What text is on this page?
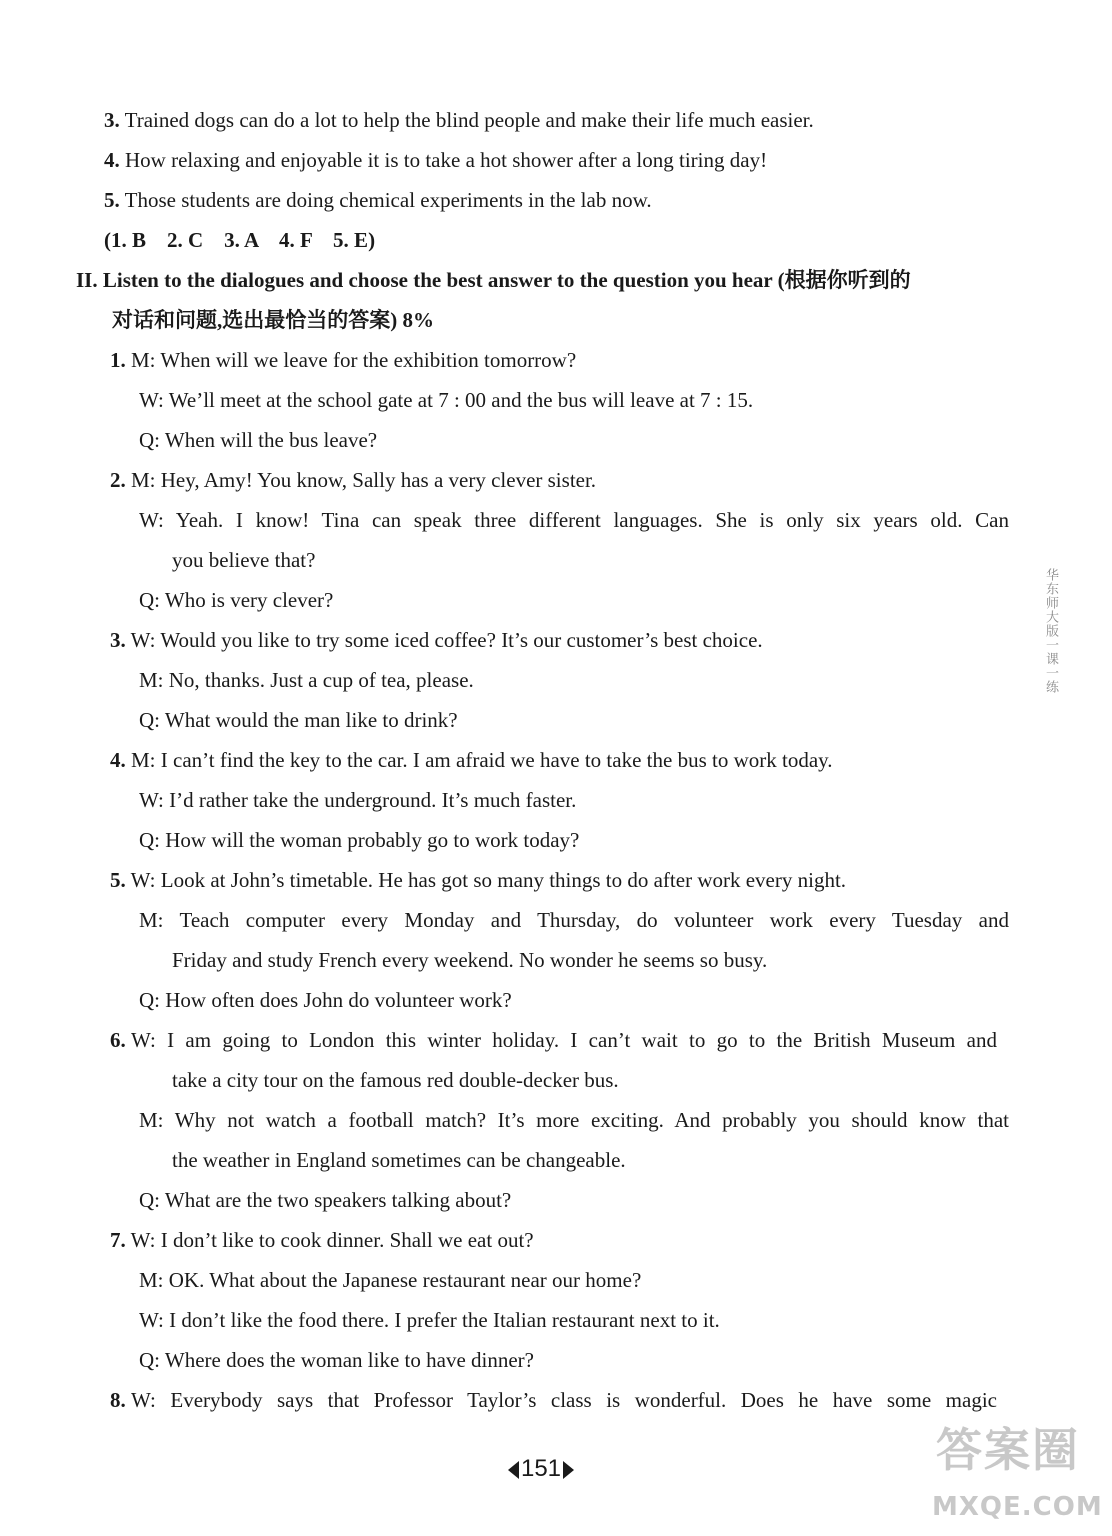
3. Trained dogs can do a lot to help the blind people and make their life much easier.
4. How relaxing and enjoyable it is to take a hot shower after a long tiring day!
5. Those students are doing chemical experiments in the lab now.
(1. B    2. C    3. A    4. F    5. E)
II. Listen to the dialogues and choose the best answer to the question you hear (根据你听到的
对话和问题,选出最恰当的答案) 8%
1. M: When will we leave for the exhibition tomorrow?
W: We’ll meet at the school gate at 7 : 00 and the bus will leave at 7 : 15.
Q: When will the bus leave?
2. M: Hey, Amy! You know, Sally has a very clever sister.
W: Yeah. I know! Tina can speak three different languages. She is only six years old. Can
you believe that?
Q: Who is very clever?
3. W: Would you like to try some iced coffee? It’s our customer’s best choice.
M: No, thanks. Just a cup of tea, please.
Q: What would the man like to drink?
4. M: I can’t find the key to the car. I am afraid we have to take the bus to work today.
W: I’d rather take the underground. It’s much faster.
Q: How will the woman probably go to work today?
5. W: Look at John’s timetable. He has got so many things to do after work every night.
M: Teach computer every Monday and Thursday, do volunteer work every Tuesday and
Friday and study French every weekend. No wonder he seems so busy.
Q: How often does John do volunteer work?
6. W: I am going to London this winter holiday. I can’t wait to go to the British Museum and
take a city tour on the famous red double-decker bus.
M: Why not watch a football match? It’s more exciting. And probably you should know that
the weather in England sometimes can be changeable.
Q: What are the two speakers talking about?
7. W: I don’t like to cook dinner. Shall we eat out?
M: OK. What about the Japanese restaurant near our home?
W: I don’t like the food there. I prefer the Italian restaurant next to it.
Q: Where does the woman like to have dinner?
8. W: Everybody says that Professor Taylor’s class is wonderful. Does he have some magic
华东师大版一课一练
151	答案圈
MXQE.COM
